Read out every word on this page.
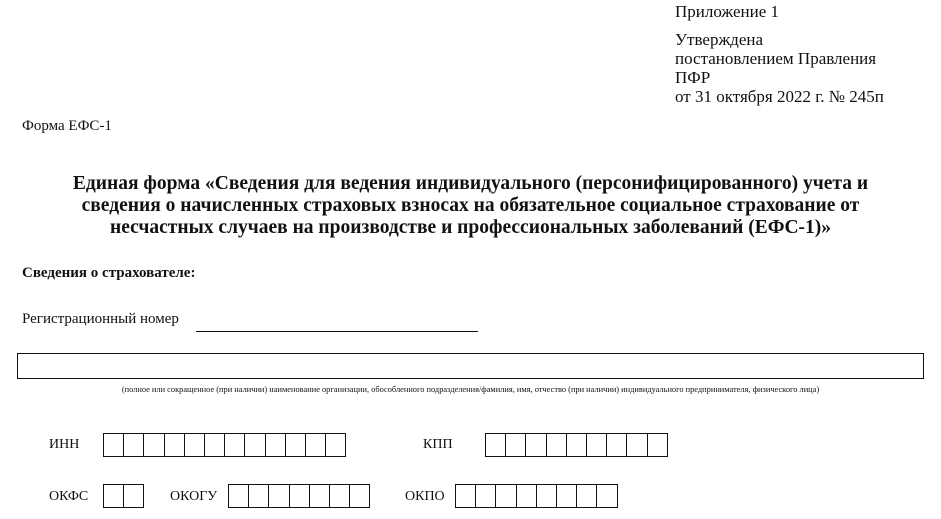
Приложение 1
Утверждена
постановлением Правления
ПФР
от 31 октября 2022 г. № 245п
Форма ЕФС-1
Единая форма «Сведения для ведения индивидуального (персонифицированного) учета и
сведения о начисленных страховых взносах на обязательное социальное страхование от
несчастных случаев на производстве и профессиональных заболеваний (ЕФС-1)»
Сведения о страхователе:
Регистрационный номер
(полное или сокращенное (при наличии) наименование организации, обособленного подразделения/фамилия, имя, отчество (при наличии) индивидуального предпринимателя, физического лица)
ИНН	КПП
ОКФС	ОКОГУ	ОКПО
